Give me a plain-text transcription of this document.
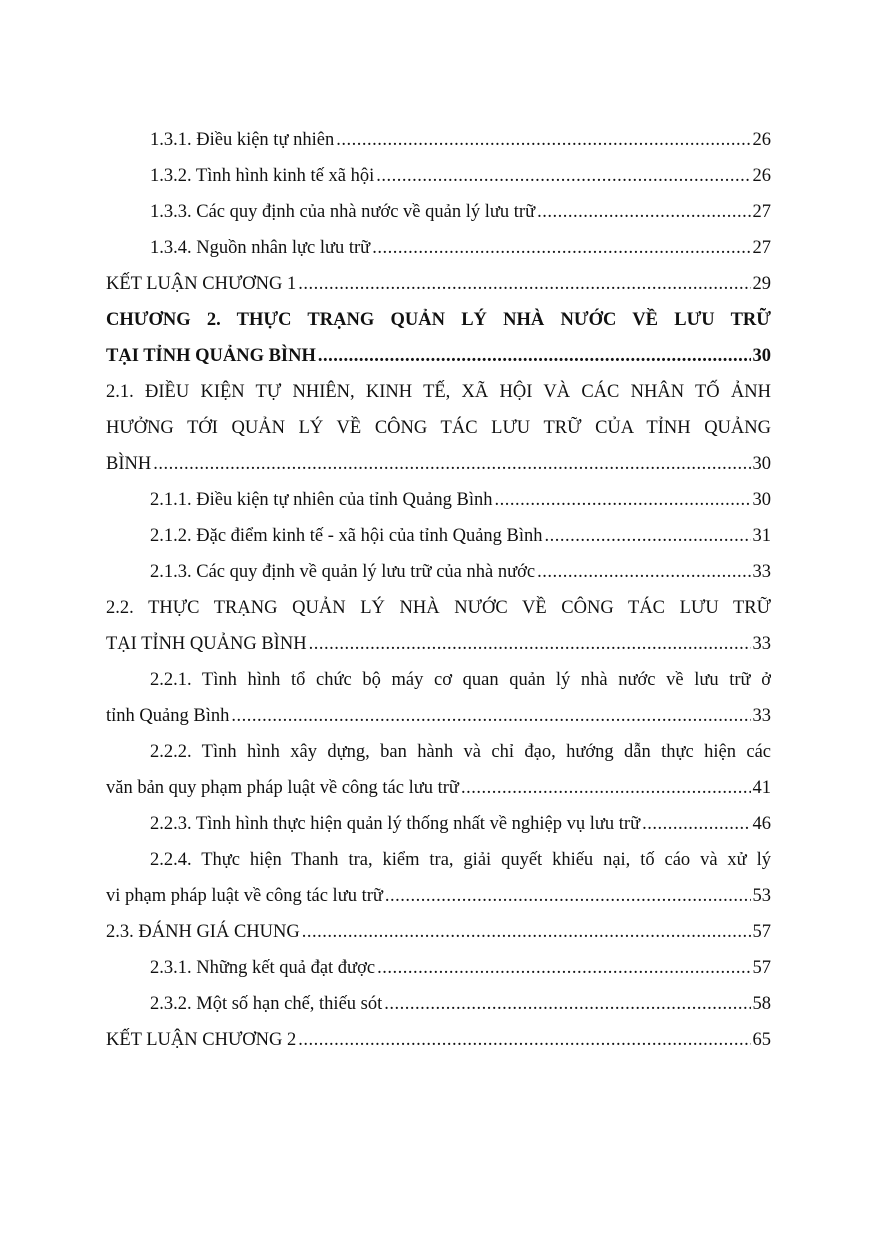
1.3.1. Điều kiện tự nhiên .....	26
1.3.2. Tình hình kinh tế xã hội .....	26
1.3.3. Các quy định của nhà nước về quản lý lưu trữ .....	27
1.3.4. Nguồn nhân lực lưu trữ .....	27
KẾT LUẬN CHƯƠNG 1 .....	29
CHƯƠNG 2. THỰC TRẠNG QUẢN LÝ NHÀ NƯỚC VỀ LƯU TRỮ
TẠI TỈNH QUẢNG BÌNH .....	30
2.1. ĐIỀU KIỆN TỰ NHIÊN, KINH TẾ, XÃ HỘI VÀ CÁC NHÂN TỐ ẢNH
HƯỞNG TỚI QUẢN LÝ VỀ CÔNG TÁC LƯU TRỮ CỦA TỈNH QUẢNG
BÌNH .....	30
2.1.1. Điều kiện tự nhiên của tỉnh Quảng Bình .....	30
2.1.2. Đặc điểm kinh tế - xã hội của tỉnh Quảng Bình .....	31
2.1.3. Các quy định về quản lý lưu trữ của nhà nước .....	33
2.2. THỰC TRẠNG QUẢN LÝ NHÀ NƯỚC VỀ CÔNG TÁC LƯU TRỮ
TẠI TỈNH QUẢNG BÌNH .....	33
2.2.1. Tình hình tổ chức bộ máy cơ quan quản lý nhà nước về lưu trữ ở
tỉnh Quảng Bình .....	33
2.2.2. Tình hình xây dựng, ban hành và chỉ đạo, hướng dẫn thực hiện các
văn bản quy phạm pháp luật về công tác lưu trữ .....	41
2.2.3. Tình hình thực hiện quản lý thống nhất về nghiệp vụ lưu trữ .....	46
2.2.4. Thực hiện Thanh tra, kiểm tra, giải quyết khiếu nại, tố cáo và xử lý
vi phạm pháp luật về công tác lưu trữ .....	53
2.3. ĐÁNH GIÁ CHUNG .....	57
2.3.1. Những kết quả đạt được .....	57
2.3.2. Một số hạn chế, thiếu sót .....	58
KẾT LUẬN CHƯƠNG 2 .....	65
